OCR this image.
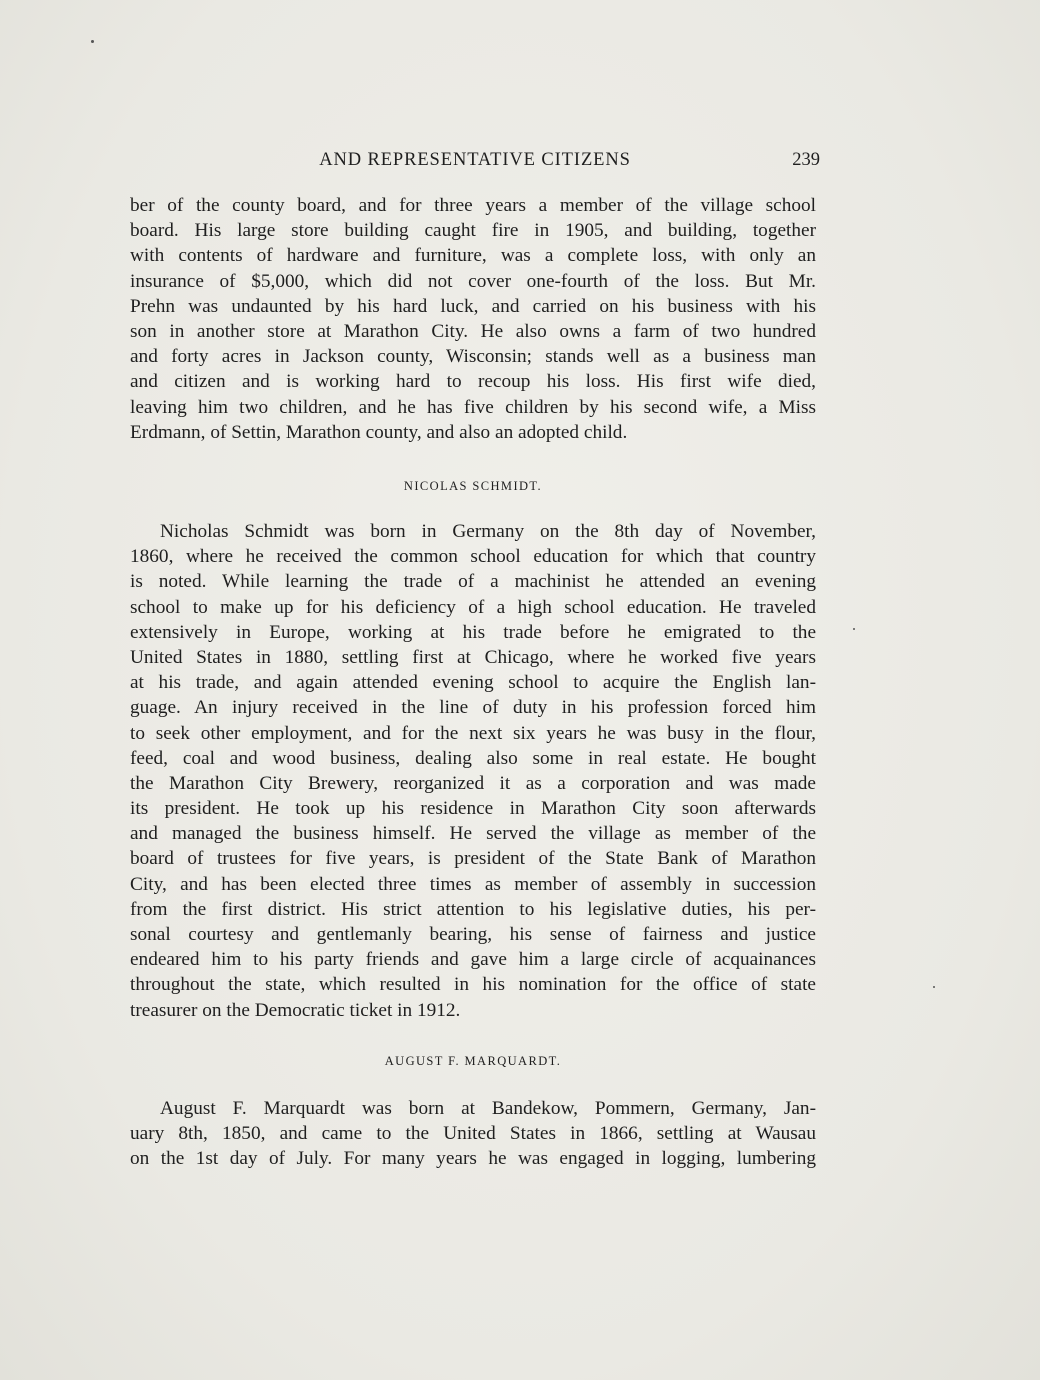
AND REPRESENTATIVE CITIZENS	239
ber of the county board, and for three years a member of the village school
board. His large store building caught fire in 1905, and building, together
with contents of hardware and furniture, was a complete loss, with only an
insurance of $5,000, which did not cover one-fourth of the loss. But Mr.
Prehn was undaunted by his hard luck, and carried on his business with his
son in another store at Marathon City. He also owns a farm of two hundred
and forty acres in Jackson county, Wisconsin; stands well as a business man
and citizen and is working hard to recoup his loss. His first wife died,
leaving him two children, and he has five children by his second wife, a Miss
Erdmann, of Settin, Marathon county, and also an adopted child.
NICOLAS SCHMIDT.
Nicholas Schmidt was born in Germany on the 8th day of November,
1860, where he received the common school education for which that country
is noted. While learning the trade of a machinist he attended an evening
school to make up for his deficiency of a high school education. He traveled
extensively in Europe, working at his trade before he emigrated to the
United States in 1880, settling first at Chicago, where he worked five years
at his trade, and again attended evening school to acquire the English lan-
guage. An injury received in the line of duty in his profession forced him
to seek other employment, and for the next six years he was busy in the flour,
feed, coal and wood business, dealing also some in real estate. He bought
the Marathon City Brewery, reorganized it as a corporation and was made
its president. He took up his residence in Marathon City soon afterwards
and managed the business himself. He served the village as member of the
board of trustees for five years, is president of the State Bank of Marathon
City, and has been elected three times as member of assembly in succession
from the first district. His strict attention to his legislative duties, his per-
sonal courtesy and gentlemanly bearing, his sense of fairness and justice
endeared him to his party friends and gave him a large circle of acquainances
throughout the state, which resulted in his nomination for the office of state
treasurer on the Democratic ticket in 1912.
AUGUST F. MARQUARDT.
August F. Marquardt was born at Bandekow, Pommern, Germany, Jan-
uary 8th, 1850, and came to the United States in 1866, settling at Wausau
on the 1st day of July. For many years he was engaged in logging, lumbering
